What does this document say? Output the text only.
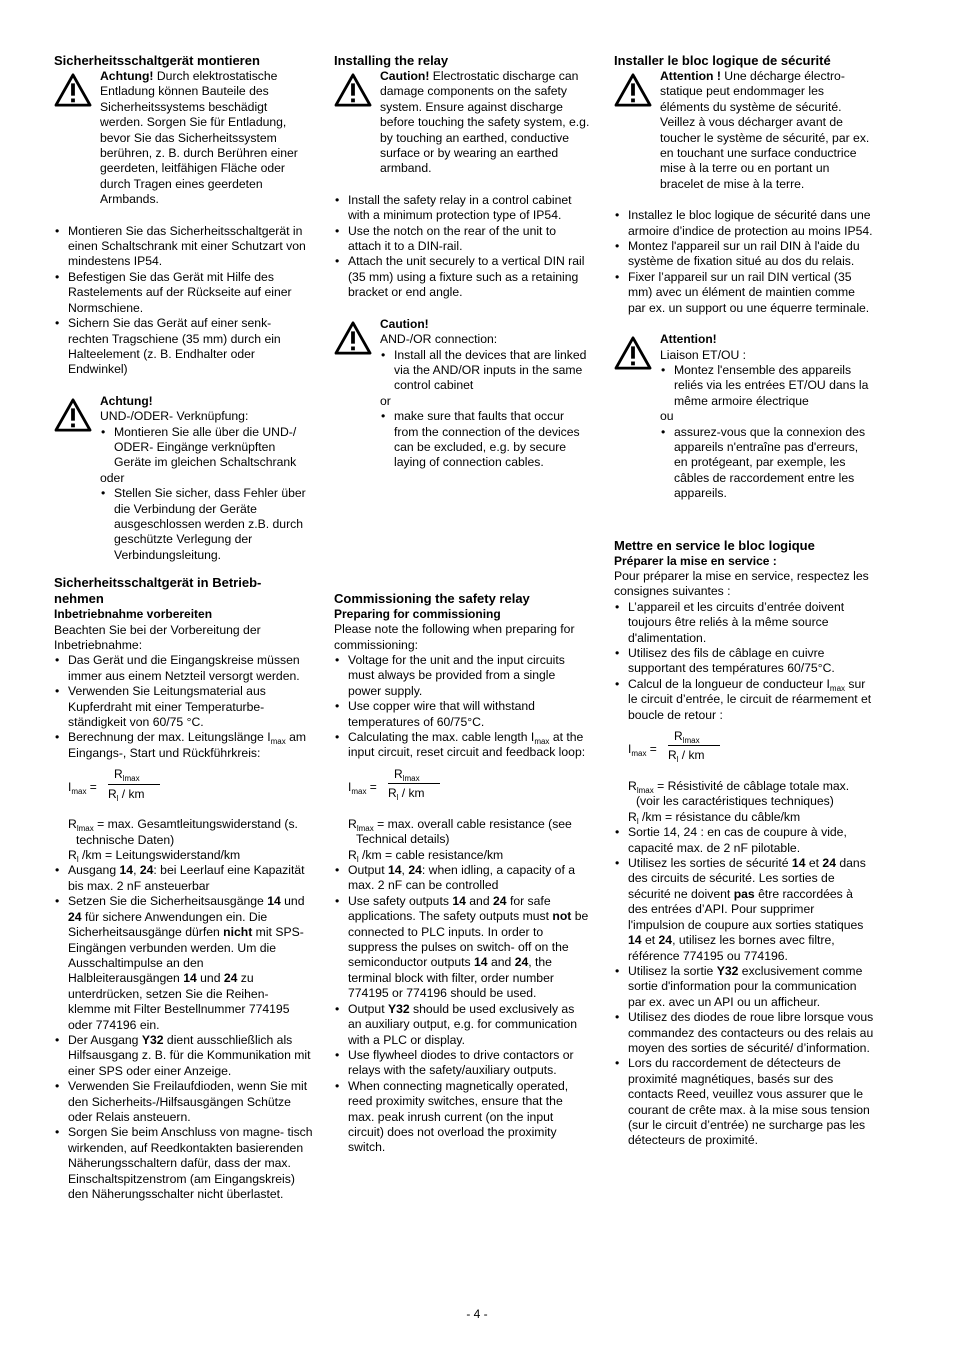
Sicherheitsschaltgerät montieren

Achtung! Durch elektrostatische Entladung können Bauteile des Sicherheitssystems beschädigt werden. Sorgen Sie für Entladung, bevor Sie das Sicherheitssystem berühren, z. B. durch Berühren einer geerdeten, leitfähigen Fläche oder durch Tragen eines geerdeten Armbands.

• Montieren Sie das Sicherheitsschaltgerät in einen Schaltschrank mit einer Schutzart von mindestens IP54.
• Befestigen Sie das Gerät mit Hilfe des Rastelements auf der Rückseite auf einer Normschiene.
• Sichern Sie das Gerät auf einer senk- rechten Tragschiene (35 mm) durch ein Halteelement (z. B. Endhalter oder Endwinkel)

Achtung!

UND-/ODER- Verknüpfung:

• Montieren Sie alle über die UND-/ ODER- Eingänge verknüpften Geräte im gleichen Schaltschrank

oder

• Stellen Sie sicher, dass Fehler über die Verbindung der Geräte ausgeschlossen werden z.B. durch geschützte Verlegung der Verbindungsleitung.

Sicherheitsschaltgerät in Betrieb- nehmen

Inbetriebnahme vorbereiten

Beachten Sie bei der Vorbereitung der Inbetriebnahme:

• Das Gerät und die Eingangskreise müssen immer aus einem Netzteil versorgt werden.
• Verwenden Sie Leitungsmaterial aus Kupferdraht mit einer Temperaturbe- ständigkeit von 60/75 °C.
• Berechnung der max. Leitungslänge $I_{max}$ am Eingangs-, Start und Rückführkreis:
$I_{max}$ =
$R_{lmax}$
$R_l$ / km

$R_{lmax} = \max$. Gesamtleitungswiderstand (s.

technische Daten)

$R_l$ /km = Leitungswiderstand/km

• Ausgang 14, 24: bei Leerlauf eine Kapazität bis max. 2 nF ansteuerbar
• Setzen Sie die Sicherheitsausgänge 14 und 24 für sichere Anwendungen ein. Die Sicherheitsausgänge dürfen nicht mit SPS-Eingängen verbunden werden. Um die Ausschaltimpulse an den Halbleiterausgängen 14 und 24 zu unterdrücken, setzen Sie die Reihen- klemme mit Filter Bestellnummer 774195 oder 774196 ein.
• Der Ausgang Y32 dient ausschließlich als Hilfsausgang z. B. für die Kommunikation mit einer SPS oder einer Anzeige.
• Verwenden Sie Freilaufdioden, wenn Sie mit den Sicherheits-/Hilfsausgängen Schütze oder Relais ansteuern.
• Sorgen Sie beim Anschluss von magne- tisch wirkenden, auf Reedkontakten basierenden Näherungsschaltern dafür, dass der max. Einschaltspitzenstrom (am Eingangskreis) den Näherungsschalter nicht überlastet.

Installing the relay

Caution! Electrostatic discharge can damage components on the safety system. Ensure against discharge before touching the safety system, e.g. by touching an earthed, conductive surface or by wearing an earthed armband.

• Install the safety relay in a control cabinet with a minimum protection type of IP54.
• Use the notch on the rear of the unit to attach it to a DIN-rail.
• Attach the unit securely to a vertical DIN rail (35 mm) using a fixture such as a retaining bracket or end angle.

Caution!

AND-/OR connection:

• Install all the devices that are linked via the AND/OR inputs in the same control cabinet

or

• make sure that faults that occur from the connection of the devices can be excluded, e.g. by secure laying of connection cables.

Commissioning the safety relay

Preparing for commissioning

Please note the following when preparing for commissioning:

• Voltage for the unit and the input circuits must always be provided from a single power supply.
• Use copper wire that will withstand temperatures of 60/75°C.
• Calculating the max. cable length $I_{max}$ at the input circuit, reset circuit and feedback loop:
$I_{max}$ =
$R_{lmax}$
$R_l$ / km

$R_{lmax} = \max$. overall cable resistance (see

Technical details)

$R_l$ /km = cable resistance/km

• Output 14, 24: when idling, a capacity of a max. 2 nF can be controlled
• Use safety outputs 14 and 24 for safe applications. The safety outputs must not be connected to PLC inputs. In order to suppress the pulses on switch- off on the semiconductor outputs 14 and 24, the terminal block with filter, order number 774195 or 774196 should be used.
• Output Y32 should be used exclusively as an auxiliary output, e.g. for communication with a PLC or display.
• Use flywheel diodes to drive contactors or relays with the safety/auxiliary outputs.
• When connecting magnetically operated, reed proximity switches, ensure that the max. peak inrush current (on the input circuit) does not overload the proximity switch.

Installer le bloc logique de sécurité

Attention ! Une décharge électro- statique peut endommager les éléments du système de sécurité. Veillez à vous décharger avant de toucher le système de sécurité, par ex. en touchant une surface conductrice mise à la terre ou en portant un bracelet de mise à la terre.

• Installez le bloc logique de sécurité dans une armoire d’indice de protection au moins IP54.
• Montez l'appareil sur un rail DIN à l'aide du système de fixation situé au dos du relais.
• Fixer l’appareil sur un rail DIN vertical (35 mm) avec un élément de maintien comme par ex. un support ou une équerre terminale.

Attention!

Liaison ET/OU :

• Montez l'ensemble des appareils reliés via les entrées ET/OU dans la même armoire électrique

ou

• assurez-vous que la connexion des appareils n'entraîne pas d'erreurs, en protégeant, par exemple, les câbles de raccordement entre les appareils.

Mettre en service le bloc logique

Préparer la mise en service :

Pour préparer la mise en service, respectez les consignes suivantes :

• L’appareil et les circuits d’entrée doivent toujours être reliés à la même source d'alimentation.
• Utilisez des fils de câblage en cuivre supportant des températures 60/75°C.
• Calcul de la longueur de conducteur $I_{max}$ sur le circuit d’entrée, le circuit de réarmement et boucle de retour :
$I_{max}$ =
$R_{lmax}$
$R_l$ / km

$R_{lmax}$ = Résistivité de câblage totale max.

(voir les caractéristiques techniques)

$R_l$ /km = résistance du câble/km

• Sortie 14, 24 : en cas de coupure à vide, capacité max. de 2 nF pilotable.
• Utilisez les sorties de sécurité 14 et 24 dans des circuits de sécurité. Les sorties de sécurité ne doivent pas être raccordées à des entrées d’API. Pour supprimer l'impulsion de coupure aux sorties statiques 14 et 24, utilisez les bornes avec filtre, référence 774195 ou 774196.
• Utilisez la sortie Y32 exclusivement comme sortie d'information pour la communication par ex. avec un API ou un afficheur.
• Utilisez des diodes de roue libre lorsque vous commandez des contacteurs ou des relais au moyen des sorties de sécurité/ d’information.
• Lors du raccordement de détecteurs de proximité magnétiques, basés sur des contacts Reed, veuillez vous assurer que le courant de crête max. à la mise sous tension (sur le circuit d’entrée) ne surcharge pas les détecteurs de proximité.
- 4 -
